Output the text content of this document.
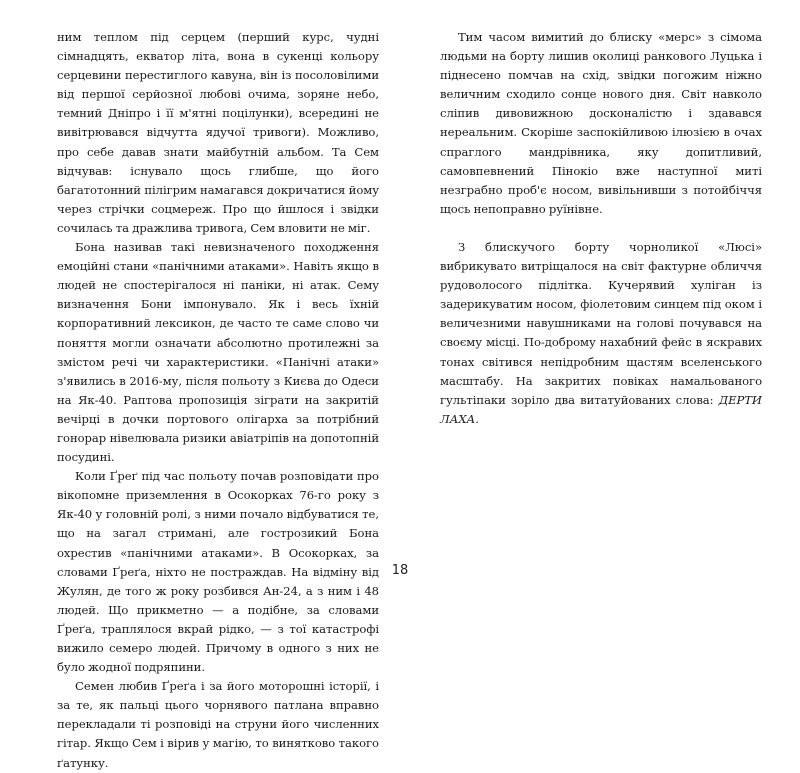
ним теплом під серцем (перший курс, чудні сімнадцять, екватор літа, вона в сукенці кольору серцевини перестиглого кавуна, він із посоловілими від першої серйозної любові очима, зоряне небо, темний Дніпро і її м'ятні поцілунки), всередині не вивітрювався відчутта ядучої тривоги). Можливо, про себе давав знати майбутній альбом. Та Сем відчував: існувало щось глибше, що його багатотонний пілігрим намагався докричатися йому через стрічки соцмереж. Про що йшлося і звідки сочилась та дражлива тривога, Сем вловити не міг.

Бона називав такі невизначеного походження емоційні стани «панічними атаками». Навіть якщо в людей не спостерігалося ні паніки, ні атак. Сему визначення Бони імпонувало. Як і весь їхній корпоративний лексикон, де часто те саме слово чи поняття могли означати абсолютно протилежні за змістом речі чи характеристики. «Панічні атаки» з'явились в 2016-му, після польоту з Києва до Одеси на Як-40. Раптова пропозиція зіграти на закритій вечірці в дочки портового олігарха за потрібний гонорар нівелювала ризики авіатріпів на допотопній посудині.

Коли Ґреґ під час польоту почав розповідати про вікопомне приземлення в Осокорках 76-го року з Як-40 у головній ролі, з ними почало відбуватися те, що на загал стримані, але гострозикий Бона охрестив «панічними атаками». В Осокорках, за словами Ґреґа, ніхто не постраждав. На відміну від Жулян, де того ж року розбився Ан-24, а з ним і 48 людей. Що прикметно — а подібне, за словами Ґреґа, траплялося вкрай рідко, — з тої катастрофі вижило семеро людей. Причому в одного з них не було жодної подряпини.

Семен любив Ґреґа і за його моторошні історії, і за те, як пальці цього чорнявого патлана вправно перекладали ті розповіді на струни його численних гітар. Якщо Сем і вірив у магію, то винятково такого ґатунку.

Тим часом вимитий до блиску «мерс» з сімома людьми на борту лишив околиці ранкового Луцька і піднесено помчав на схід, звідки погожим ніжно величним сходило сонце нового дня. Світ навколо сліпив дивовижною досконалістю і здавався нереальним. Скоріше заспокійливою ілюзією в очах спраглого мандрівника, яку допитливий, самовпевнений Пінокіо вже наступної миті незграбно проб'є носом, вивільнивши з потойбіччя щось непоправно руїнівне.

З блискучого борту чорноликої «Люсі» вибрикувато витріщалося на світ фактурне обличчя рудоволосого підлітка. Кучерявий хуліган із задерикуватим носом, фіолетовим синцем під оком і величезними навушниками на голові почувався на своєму місці. По-доброму нахабний фейс в яскравих тонах світився непідробним щастям вселенського масштабу. На закритих повіках намальованого гультіпаки зоріло два витатуйованих слова: ДЕРТИ ЛАХА.

18
